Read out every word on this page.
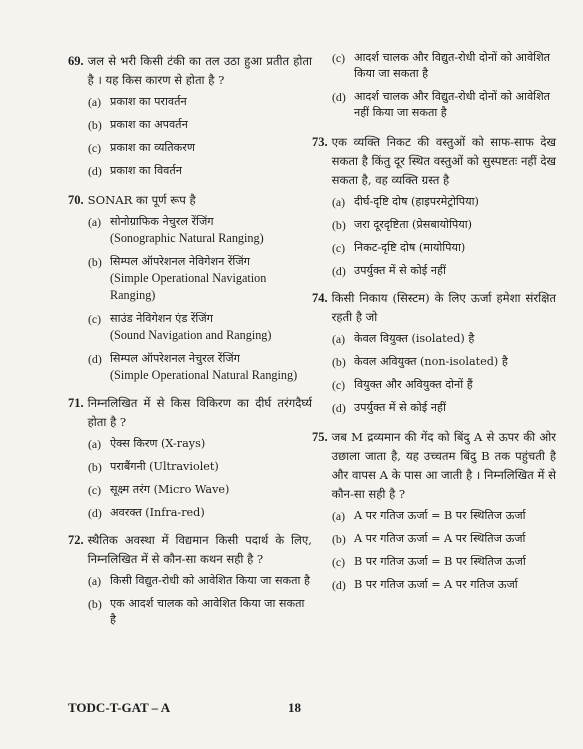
69. जल से भरी किसी टंकी का तल उठा हुआ प्रतीत होता है । यह किस कारण से होता है ?
(a) प्रकाश का परावर्तन
(b) प्रकाश का अपवर्तन
(c) प्रकाश का व्यतिकरण
(d) प्रकाश का विवर्तन
70. SONAR का पूर्ण रूप है
(a) सोनोग्राफिक नेचुरल रेंजिंग
(Sonographic Natural Ranging)
(b) सिम्पल ऑपरेशनल नेविगेशन रेंजिंग
(Simple Operational Navigation Ranging)
(c) साउंड नेविगेशन एंड रेंजिंग
(Sound Navigation and Ranging)
(d) सिम्पल ऑपरेशनल नेचुरल रेंजिंग
(Simple Operational Natural Ranging)
71. निम्नलिखित में से किस विकिरण का दीर्घ तरंगदैर्घ्य होता है ?
(a) ऐक्स किरण (X-rays)
(b) पराबैंगनी (Ultraviolet)
(c) सूक्ष्म तरंग (Micro Wave)
(d) अवरक्त (Infra-red)
72. स्थैतिक अवस्था में विद्यमान किसी पदार्थ के लिए, निम्नलिखित में से कौन-सा कथन सही है ?
(a) किसी विद्युत-रोधी को आवेशित किया जा सकता है
(b) एक आदर्श चालक को आवेशित किया जा सकता है
(c) आदर्श चालक और विद्युत-रोधी दोनों को आवेशित किया जा सकता है
(d) आदर्श चालक और विद्युत-रोधी दोनों को आवेशित नहीं किया जा सकता है
73. एक व्यक्ति निकट की वस्तुओं को साफ-साफ देख सकता है किंतु दूर स्थित वस्तुओं को सुस्पष्टतः नहीं देख सकता है, वह व्यक्ति ग्रस्त है
(a) दीर्घ-दृष्टि दोष (हाइपरमेट्रोपिया)
(b) जरा दूरदृष्टिता (प्रेसबायोपिया)
(c) निकट-दृष्टि दोष (मायोपिया)
(d) उपर्युक्त में से कोई नहीं
74. किसी निकाय (सिस्टम) के लिए ऊर्जा हमेशा संरक्षित रहती है जो
(a) केवल वियुक्त (isolated) है
(b) केवल अवियुक्त (non-isolated) है
(c) वियुक्त और अवियुक्त दोनों हैं
(d) उपर्युक्त में से कोई नहीं
75. जब M द्रव्यमान की गेंद को बिंदु A से ऊपर की ओर उछाला जाता है, यह उच्चतम बिंदु B तक पहुंचती है और वापस A के पास आ जाती है । निम्नलिखित में से कौन-सा सही है ?
(a) A पर गतिज ऊर्जा = B पर स्थितिज ऊर्जा
(b) A पर गतिज ऊर्जा = A पर स्थितिज ऊर्जा
(c) B पर गतिज ऊर्जा = B पर स्थितिज ऊर्जा
(d) B पर गतिज ऊर्जा = A पर गतिज ऊर्जा
TODC-T-GAT – A	18
